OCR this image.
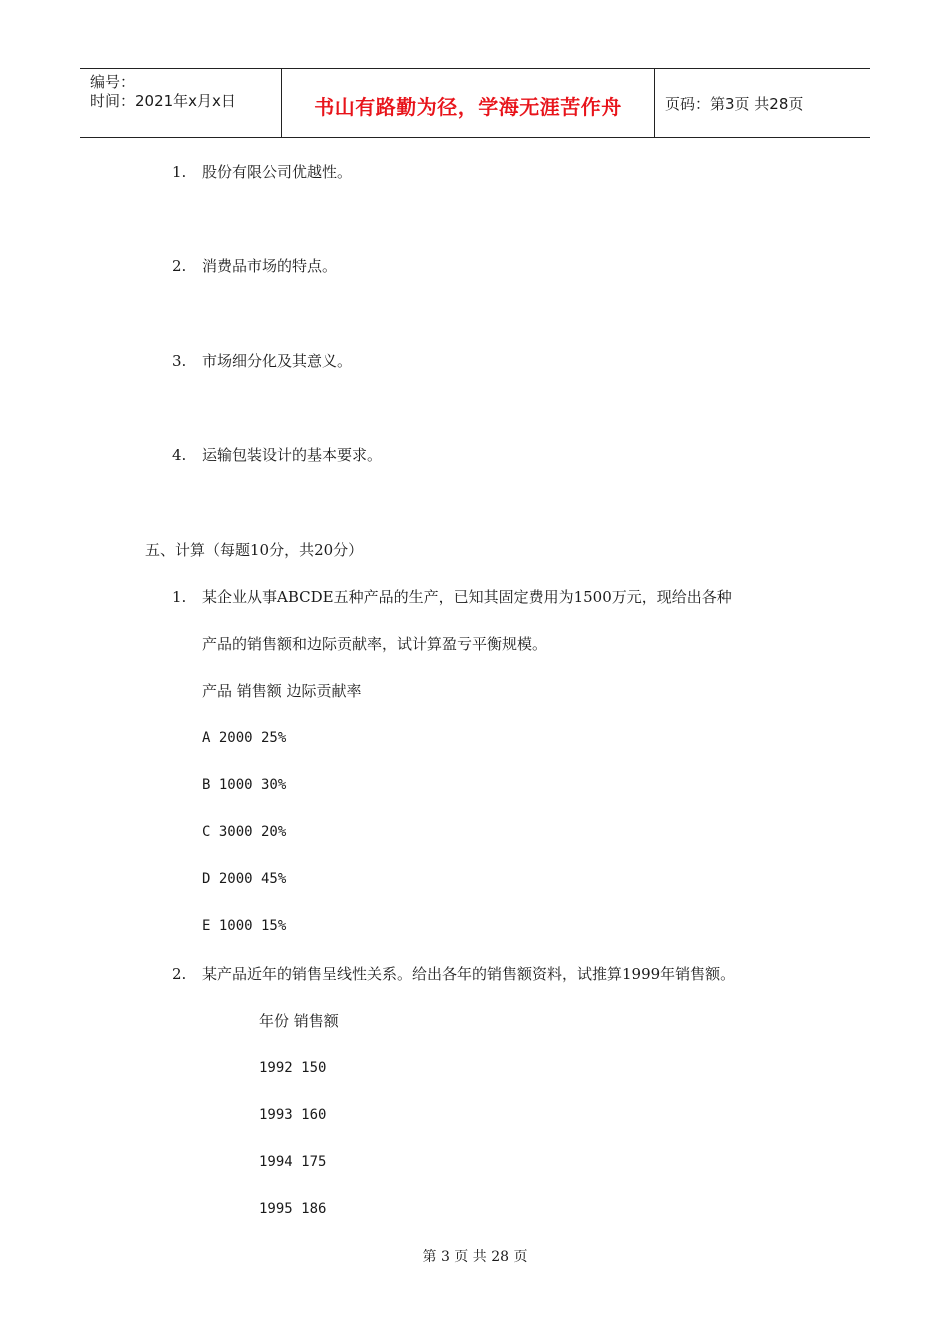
编号：
时间：2021年x月x日	书山有路勤为径，学海无涯苦作舟	页码：第3页 共28页
1. 股份有限公司优越性。
2. 消费品市场的特点。
3. 市场细分化及其意义。
4. 运输包装设计的基本要求。
五、计算（每题10分，共20分）
1. 某企业从事ABCDE五种产品的生产，已知其固定费用为1500万元，现给出各种
产品的销售额和边际贡献率，试计算盈亏平衡规模。
产品 销售额 边际贡献率
A 2000 25%
B 1000 30%
C 3000 20%
D 2000 45%
E 1000 15%
2. 某产品近年的销售呈线性关系。给出各年的销售额资料，试推算1999年销售额。
年份 销售额
1992 150
1993 160
1994 175
1995 186
第 3 页 共 28 页
